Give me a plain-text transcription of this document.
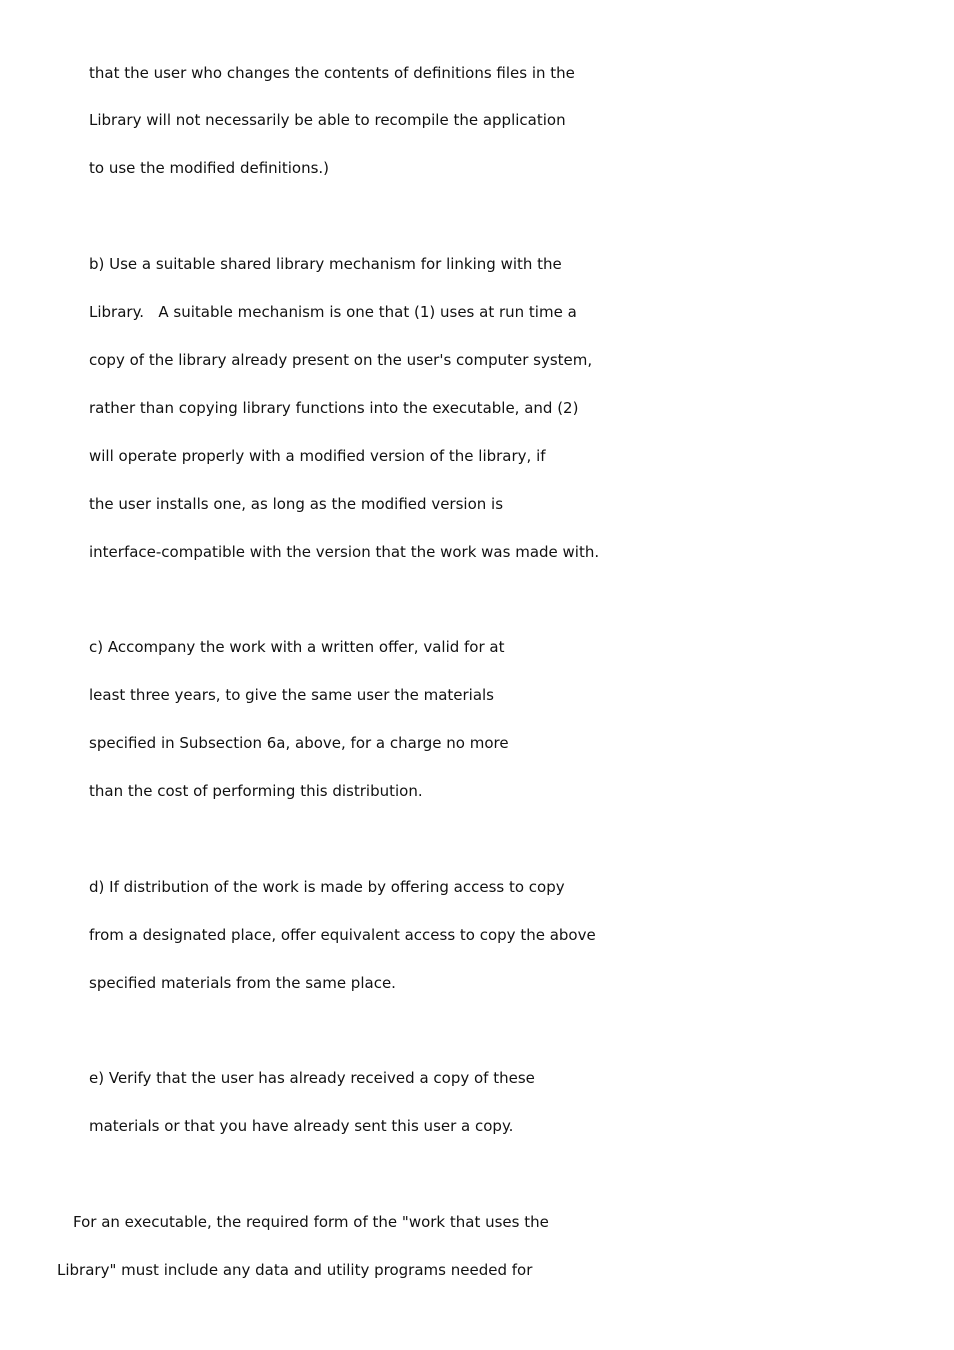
that the user who changes the contents of definitions files in the
Library will not necessarily be able to recompile the application
to use the modified definitions.)
b) Use a suitable shared library mechanism for linking with the
Library.   A suitable mechanism is one that (1) uses at run time a
copy of the library already present on the user's computer system,
rather than copying library functions into the executable, and (2)
will operate properly with a modified version of the library, if
the user installs one, as long as the modified version is
interface-compatible with the version that the work was made with.
c) Accompany the work with a written offer, valid for at
least three years, to give the same user the materials
specified in Subsection 6a, above, for a charge no more
than the cost of performing this distribution.
d) If distribution of the work is made by offering access to copy
from a designated place, offer equivalent access to copy the above
specified materials from the same place.
e) Verify that the user has already received a copy of these
materials or that you have already sent this user a copy.
For an executable, the required form of the "work that uses the
Library" must include any data and utility programs needed for
